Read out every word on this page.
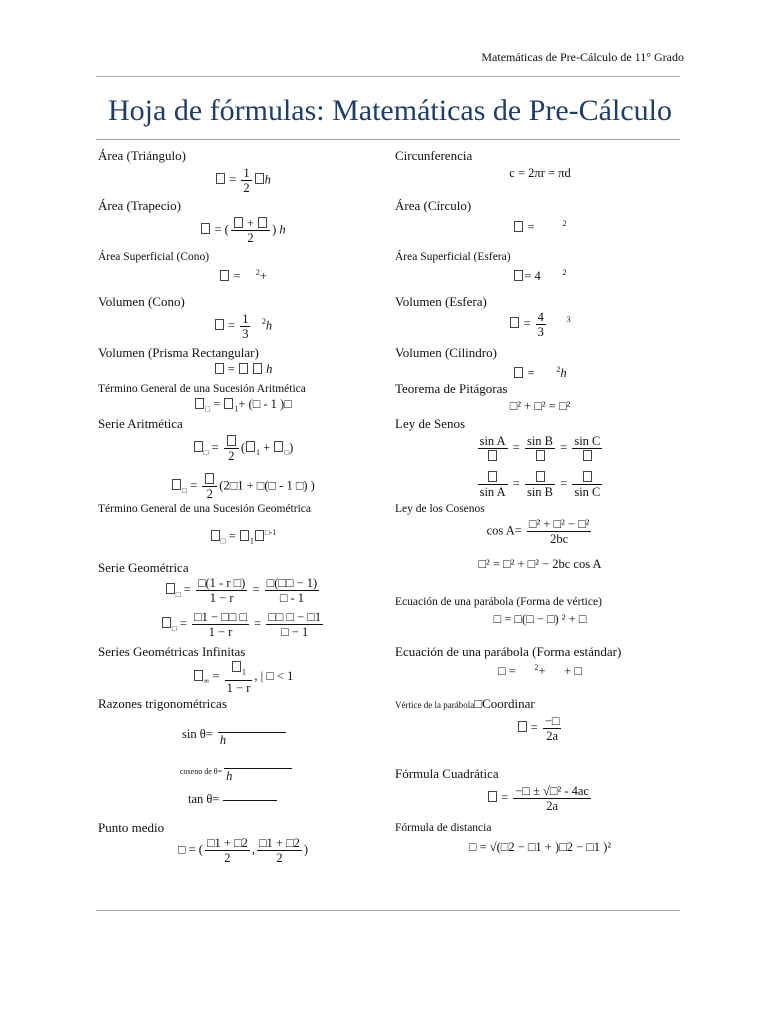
Matemáticas de Pre-Cálculo de 11° Grado
Hoja de fórmulas: Matemáticas de Pre-Cálculo
Área (Triángulo)
= $\frac{1}{2}$ h
Área (Trapecio)
= ( $\frac{+}{2}$ ) h
Área Superficial (Cono)
=     $^2$+
Volumen (Cono)
= $\frac{1}{3} ^2h$
Volumen (Prisma Rectangular)
=   h
Término General de una Sucesión Aritmética
$_□$ = $_1$+ (□ - 1 )□
Serie Aritmética
$_□$ =
2
( $_1$ + $_□$)
$_□$ =
2
(2□1 + □(□ - 1 □) )
Término General de una Sucesión Geométrica
$_□$ = $_1^{□-1}$
Serie Geométrica
$_□ = \frac{□(1 - r □)}{1 - r} = \frac{□(□□ - 1)}{□ - 1}$
$_□ = \frac{□1 - □□ □}{1 - r} = \frac{□□ □ - □1}{□ - 1}$
Series Geométricas Infinitas
$_\infty = \frac{_1}{1 - r}$ , | □ < 1
Razones trigonométricas
sin θ=
h
coseno de θ=
h
tan θ=
Punto medio
□ = ( $\frac{□1 + □2}{2}$ , $\frac{□1 + □2}{2}$ )
Circunferencia
c = 2πr = πd
Área (Círculo)
=         $^2$
Área Superficial (Esfera)
= 4	$^2$
Volumen (Esfera)
= $\frac{4}{3}$	$^3$
Volumen (Cilindro)
=       $^2$h
Teorema de Pitágoras
□² + □² = □²
Ley de Senos
sin A = sin B = sin C
sin A
=
sin B
=
sin C
Ley de los Cosenos
$\cos A= \frac{\text{□² + □² − □²}}{2bc}$
□² = □² + □² − 2bc cos A
Ecuación de una parábola (Forma de vértice)
□ = □(□ − □) ² + □
Ecuación de una parábola (Forma estándar)
□ = $^2$+ + □
Vértice de la parábola□Coordinar
= $\frac{-□}{2a}$
Fórmula Cuadrática
= $\frac{\text{−□ ± √□² - 4ac}}{2a}$
Fórmula de distancia
□ = √(□2 − □1 + )□2 − □1 )²
